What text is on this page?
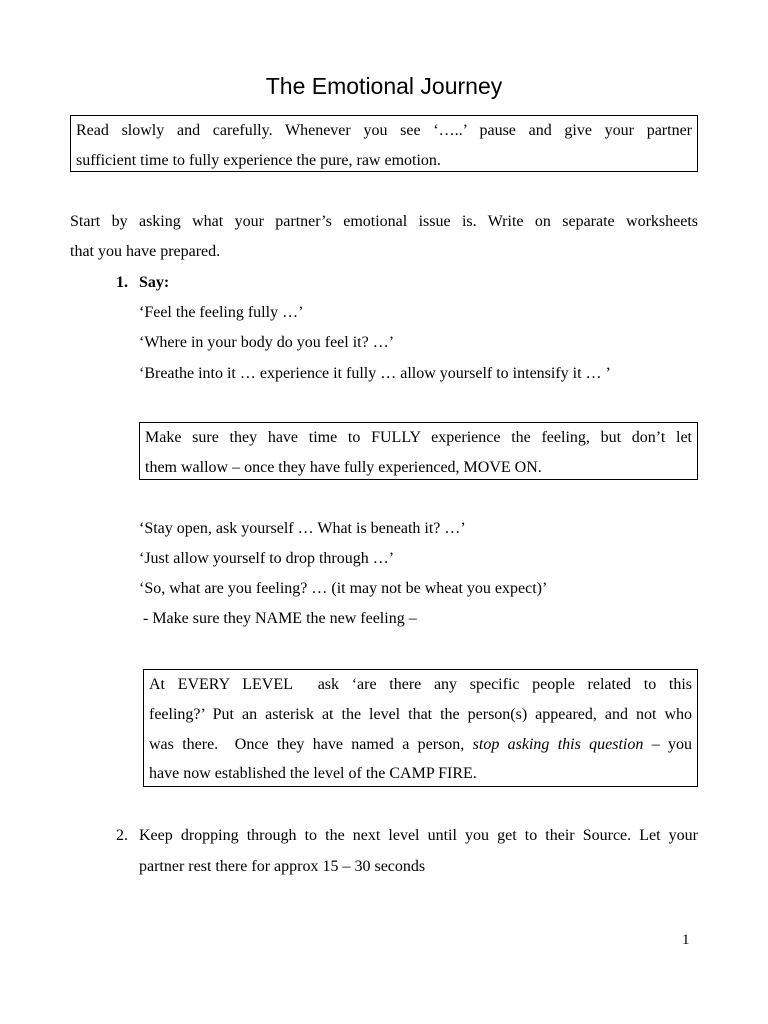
The Emotional Journey
Read slowly and carefully. Whenever you see ‘…..’ pause and give your partner
sufficient time to fully experience the pure, raw emotion.
Start by asking what your partner’s emotional issue is. Write on separate worksheets
that you have prepared.
1. Say:
‘Feel the feeling fully …’
‘Where in your body do you feel it? …’
‘Breathe into it … experience it fully … allow yourself to intensify it … ’
Make sure they have time to FULLY experience the feeling, but don’t let
them wallow – once they have fully experienced, MOVE ON.
‘Stay open, ask yourself … What is beneath it? …’
‘Just allow yourself to drop through …’
‘So, what are you feeling? … (it may not be wheat you expect)’
- Make sure they NAME the new feeling –
At EVERY LEVEL  ask ‘are there any specific people related to this
feeling?’ Put an asterisk at the level that the person(s) appeared, and not who
was there.  Once they have named a person, stop asking this question – you
have now established the level of the CAMP FIRE.
2. Keep dropping through to the next level until you get to their Source. Let your
partner rest there for approx 15 – 30 seconds
1
